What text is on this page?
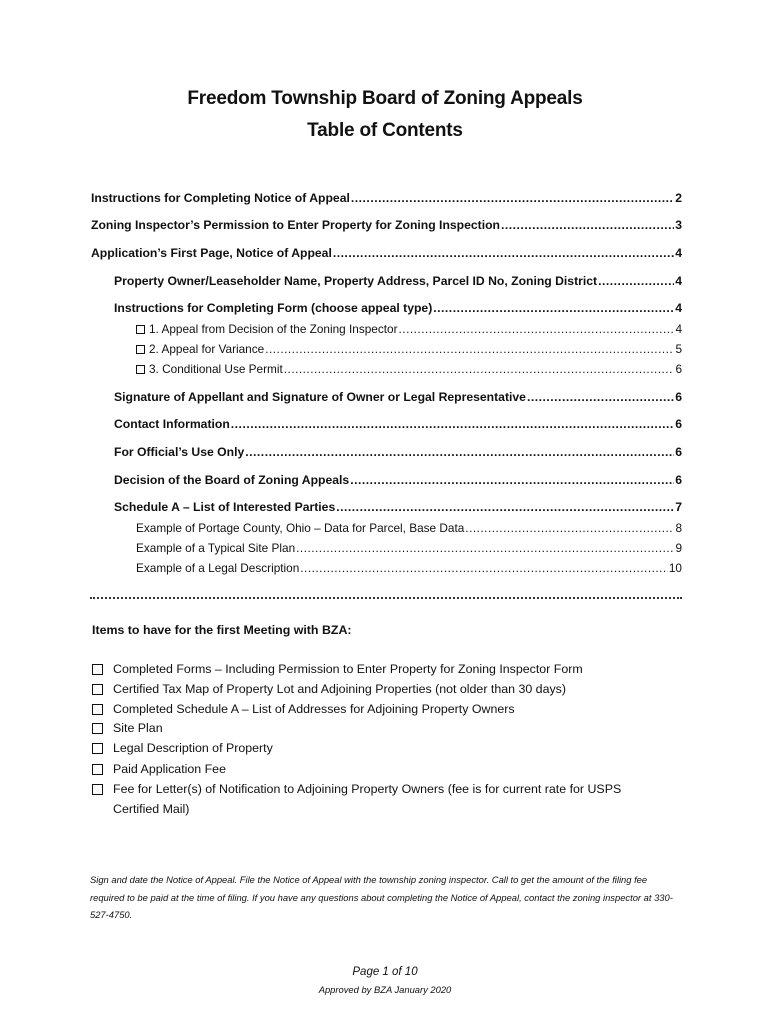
Freedom Township Board of Zoning Appeals
Table of Contents
Instructions for Completing Notice of Appeal .....	2
Zoning Inspector’s Permission to Enter Property for Zoning Inspection .....	3
Application’s First Page, Notice of Appeal .....	4
Property Owner/Leaseholder Name, Property Address, Parcel ID No, Zoning District .....	4
Instructions for Completing Form (choose appeal type) .....	4
1. Appeal from Decision of the Zoning Inspector .....	4
2. Appeal for Variance .....	5
3. Conditional Use Permit .....	6
Signature of Appellant and Signature of Owner or Legal Representative .....	6
Contact Information .....	6
For Official’s Use Only .....	6
Decision of the Board of Zoning Appeals .....	6
Schedule A – List of Interested Parties .....	7
Example of Portage County, Ohio – Data for Parcel, Base Data .....	8
Example of a Typical Site Plan .....	9
Example of a Legal Description .....	10
Items to have for the first Meeting with BZA:
Completed Forms – Including Permission to Enter Property for Zoning Inspector Form
Certified Tax Map of Property Lot and Adjoining Properties (not older than 30 days)
Completed Schedule A – List of Addresses for Adjoining Property Owners
Site Plan
Legal Description of Property
Paid Application Fee
Fee for Letter(s) of Notification to Adjoining Property Owners (fee is for current rate for USPS Certified Mail)
Sign and date the Notice of Appeal. File the Notice of Appeal with the township zoning inspector. Call to get the amount of the filing fee required to be paid at the time of filing. If you have any questions about completing the Notice of Appeal, contact the zoning inspector at 330-527-4750.
Page 1 of 10
Approved by BZA January 2020
